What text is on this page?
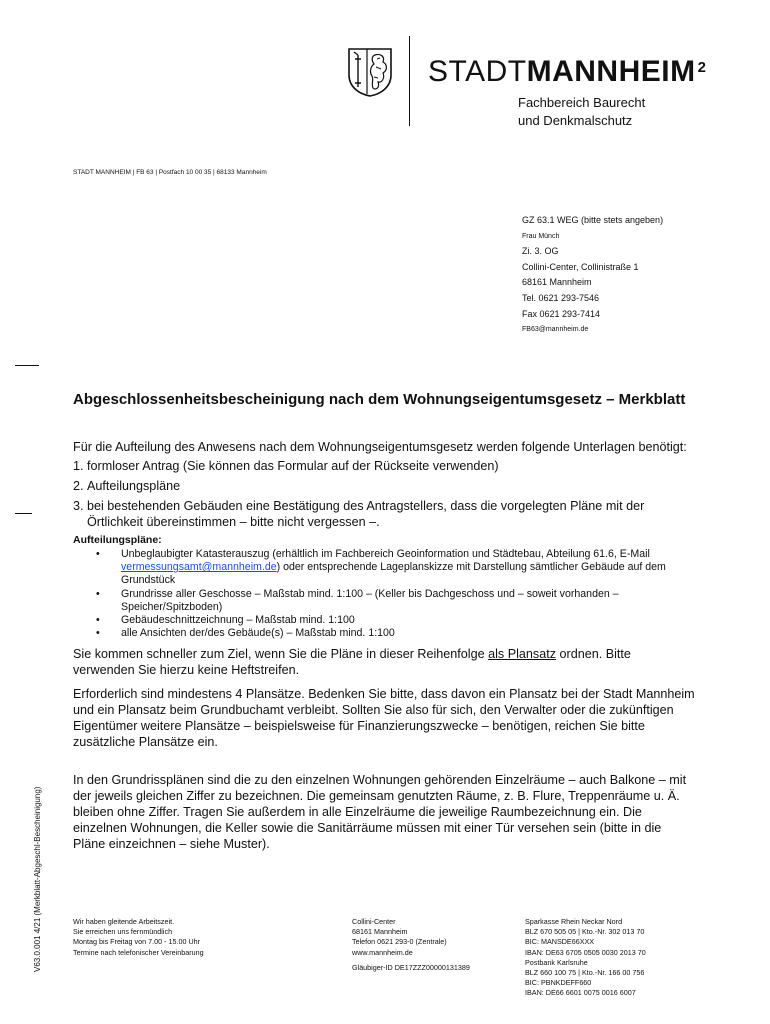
STADTMANNHEIM $^2$
Fachbereich Baurecht
und Denkmalschutz
STADT MANNHEIM | FB 63 | Postfach 10 00 35 | 68133 Mannheim
GZ 63.1 WEG (bitte stets angeben)
Frau Münch
Zi. 3. OG
Collini-Center, Collinistraße 1
68161 Mannheim
Tel. 0621 293-7546
Fax 0621 293-7414
FB63@mannheim.de
Abgeschlossenheitsbescheinigung nach dem Wohnungseigentumsgesetz – Merkblatt

Für die Aufteilung des Anwesens nach dem Wohnungseigentumsgesetz werden folgende Unterlagen benötigt:

1. formloser Antrag (Sie können das Formular auf der Rückseite verwenden)
2. Aufteilungspläne
3. bei bestehenden Gebäuden eine Bestätigung des Antragstellers, dass die vorgelegten Pläne mit der Örtlichkeit übereinstimmen – bitte nicht vergessen –.
Aufteilungspläne:
• Unbeglaubigter Katasterauszug (erhältlich im Fachbereich Geoinformation und Städtebau, Abteilung 61.6, E-Mail vermessungsamt@mannheim.de) oder entsprechende Lageplanskizze mit Darstellung sämtlicher Gebäude auf dem Grundstück
• Grundrisse aller Geschosse – Maßstab mind. 1:100 – (Keller bis Dachgeschoss und – soweit vorhanden – Speicher/Spitzboden)
• Gebäudeschnittzeichnung – Maßstab mind. 1:100
• alle Ansichten der/des Gebäude(s) – Maßstab mind. 1:100

Sie kommen schneller zum Ziel, wenn Sie die Pläne in dieser Reihenfolge als Plansatz ordnen. Bitte verwenden Sie hierzu keine Heftstreifen.

Erforderlich sind mindestens 4 Plansätze. Bedenken Sie bitte, dass davon ein Plansatz bei der Stadt Mannheim und ein Plansatz beim Grundbuchamt verbleibt. Sollten Sie also für sich, den Verwalter oder die zukünftigen Eigentümer weitere Plansätze – beispielsweise für Finanzierungszwecke – benötigen, reichen Sie bitte zusätzliche Plansätze ein.

In den Grundrissplänen sind die zu den einzelnen Wohnungen gehörenden Einzelräume – auch Balkone – mit der jeweils gleichen Ziffer zu bezeichnen. Die gemeinsam genutzten Räume, z. B. Flure, Treppenräume u. Ä. bleiben ohne Ziffer. Tragen Sie außerdem in alle Einzelräume die jeweilige Raumbezeichnung ein. Die einzelnen Wohnungen, die Keller sowie die Sanitärräume müssen mit einer Tür versehen sein (bitte in die Pläne einzeichnen – siehe Muster).

V63.0.001 4/21 (Merkblatt-Abgeschl-Bescheinigung)	Wir haben gleitende Arbeitszeit.
Sie erreichen uns fernmündlich
Montag bis Freitag von 7.00 - 15.00 Uhr
Termine nach telefonischer Vereinbarung
Collini-Center
68161 Mannheim
Telefon 0621 293-0 (Zentrale)
www.mannheim.de
Gläubiger-ID DE17ZZZ00000131389
Sparkasse Rhein Neckar Nord
BLZ 670 505 05 | Kto.-Nr. 302 013 70
BIC: MANSDE66XXX
IBAN: DE63 6705 0505 0030 2013 70
Postbank Karlsruhe
BLZ 660 100 75 | Kto.-Nr. 166 00 756
BIC: PBNKDEFF660
IBAN: DE66 6601 0075 0016 6007
